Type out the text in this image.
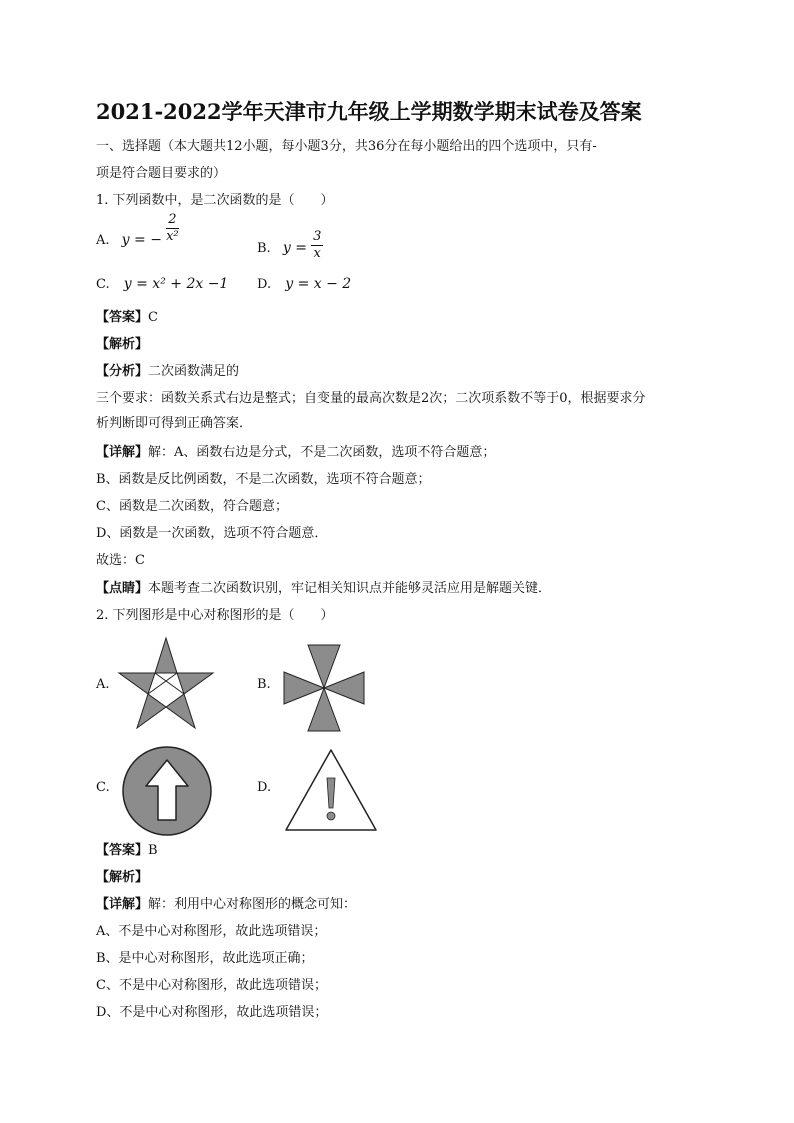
2021-2022学年天津市九年级上学期数学期末试卷及答案
一、选择题（本大题共12小题，每小题3分，共36分在每小题给出的四个选项中，只有-
项是符合题目要求的）
1. 下列函数中，是二次函数的是（　　）
A. y = − $\frac{2}{\text{x²}}$
B. $y = \frac{3}{x}$
C. y = x² + 2x −1 D. y = x − 2
【答案】C
【解析】
【分析】二次函数满足的
三个要求：函数关系式右边是整式；自变量的最高次数是2次；二次项系数不等于0，根据要求分
析判断即可得到正确答案．
【详解】解：A、函数右边是分式，不是二次函数，选项不符合题意；
B、函数是反比例函数，不是二次函数，选项不符合题意；
C、函数是二次函数，符合题意；
D、函数是一次函数，选项不符合题意．
故选：C
【点睛】本题考查二次函数识别，牢记相关知识点并能够灵活应用是解题关键．
2. 下列图形是中心对称图形的是（　　）
A.	B.
C.	D.
【答案】B
【解析】
【详解】解：利用中心对称图形的概念可知：
A、不是中心对称图形，故此选项错误；
B、是中心对称图形，故此选项正确；
C、不是中心对称图形，故此选项错误；
D、不是中心对称图形，故此选项错误；
